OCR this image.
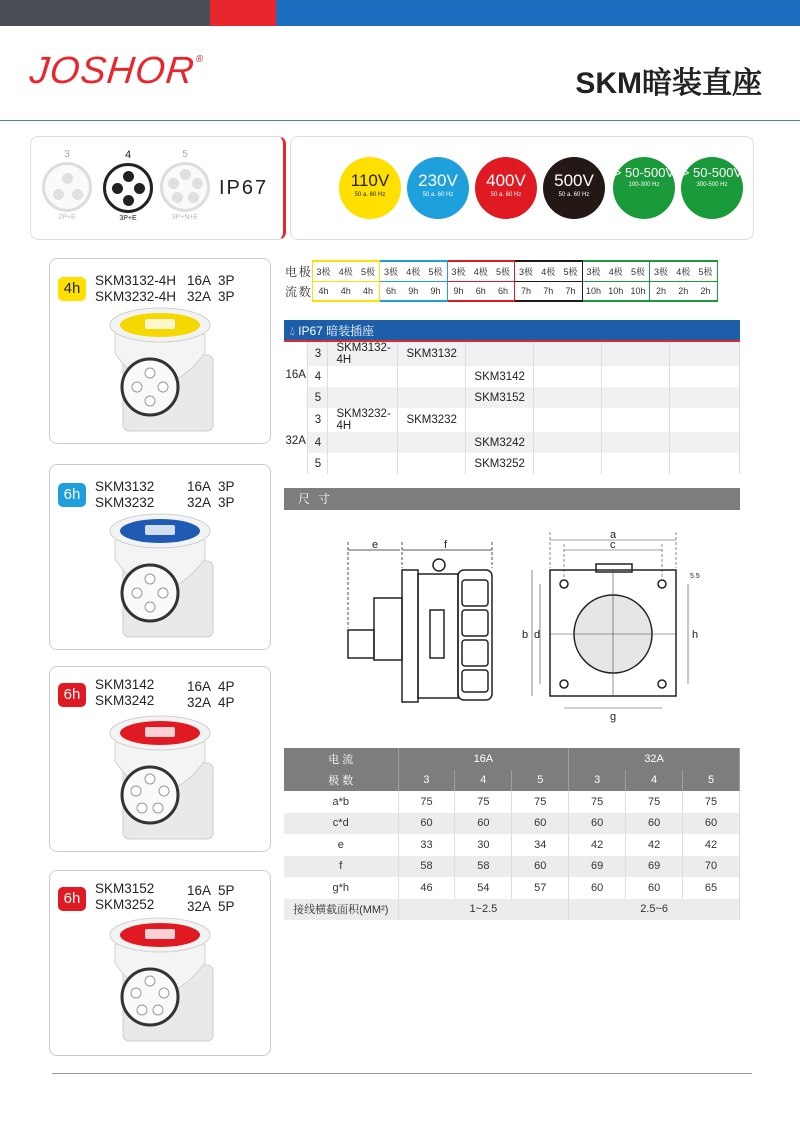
JOSHOR®
SKM暗装直座
3
2P+E
4
3P+E
5
3P+N+E
IP67	110V
50 a. 60 Hz
230V
50 a. 60 Hz
400V
50 a. 60 Hz
500V
50 a. 60 Hz
> 50-500V
100-300 Hz
> 50-500V
300-500 Hz
4h	SKM3132-4H
SKM3232-4H
16A 3P
32A 3P
6h	SKM3132
SKM3232
16A 3P
32A 3P
6h
SKM3142
SKM3242
16A 4P
32A 4P
6h
SKM3152
SKM3252
16A 5P
32A 5P
电	极	3极	4极	5极	3极	4极	5极	3极	4极	5极	3极	4极	5极	3极	4极	5极	3极	4极	5极
流	数	4h	4h	4h	6h	9h	9h	9h	6h	6h	7h	7h	7h	10h	10h	10h	2h	2h	2h
💧︎ IP67 暗装插座
16A	3	SKM3132-4H	SKM3132				
	4			SKM3142			
	5			SKM3152			
32A	3	SKM3232-4H	SKM3232				
	4			SKM3242			
	5			SKM3252			
尺寸
e	f
a
c
b d	h
g
5.5
电 流	16A			32A		
极 数	3	4	5	3	4	5
a*b	75	75	75	75	75	75
c*d	60	60	60	60	60	60
e	33	30	34	42	42	42
f	58	58	60	69	69	70
g*h	46	54	57	60	60	65
接线横截面积(MM²)	1~2.5			2.5~6		
